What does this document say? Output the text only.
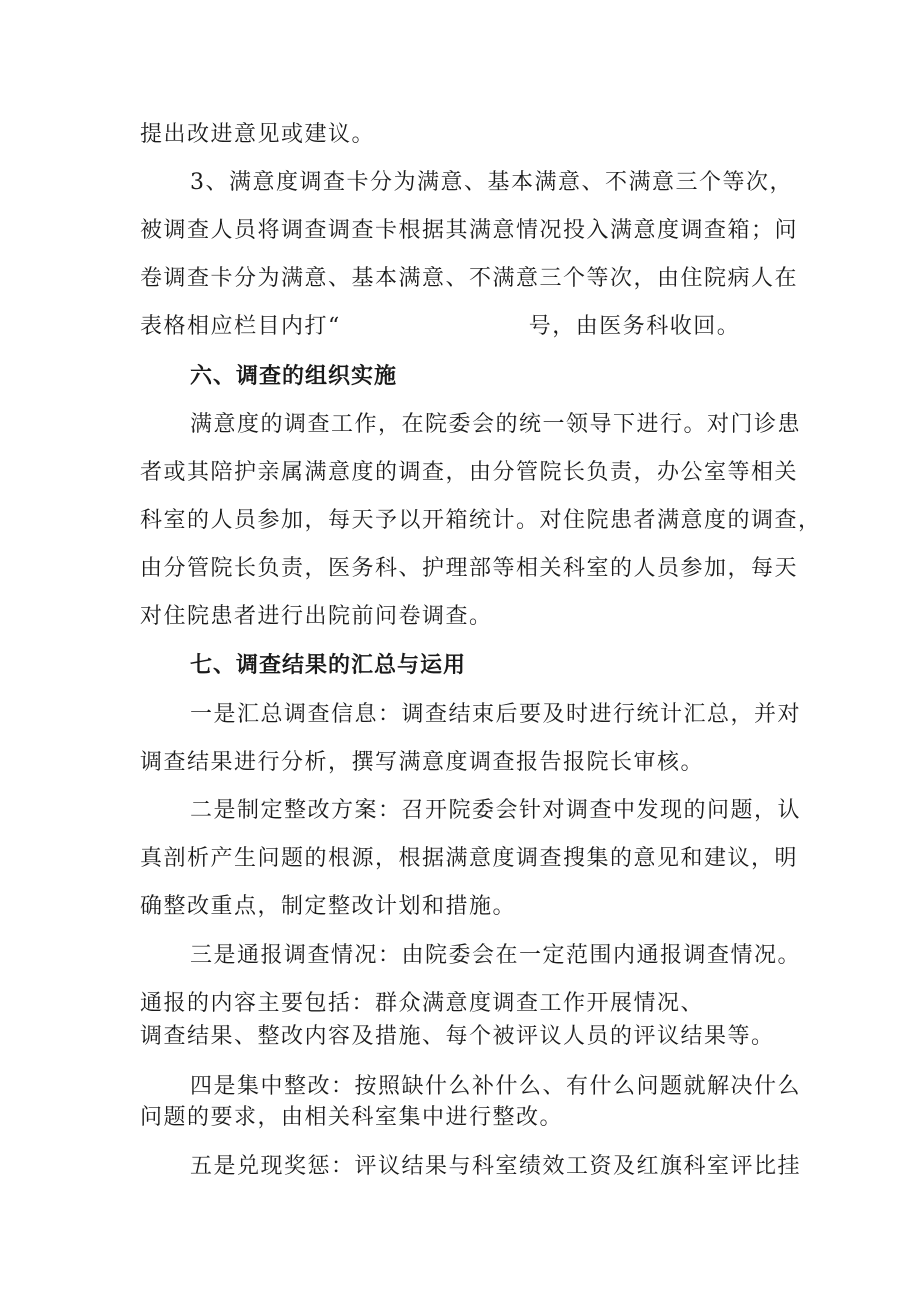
提出改进意见或建议。
3、满意度调查卡分为满意、基本满意、不满意三个等次，
被调查人员将调查调查卡根据其满意情况投入满意度调查箱；问
卷调查卡分为满意、基本满意、不满意三个等次，由住院病人在
表格相应栏目内打“	号，由医务科收回。
六、调查的组织实施
满意度的调查工作，在院委会的统一领导下进行。对门诊患
者或其陪护亲属满意度的调查，由分管院长负责，办公室等相关
科室的人员参加，每天予以开箱统计。对住院患者满意度的调查，
由分管院长负责，医务科、护理部等相关科室的人员参加，每天
对住院患者进行出院前问卷调查。
七、调查结果的汇总与运用
一是汇总调查信息：调查结束后要及时进行统计汇总，并对
调查结果进行分析，撰写满意度调查报告报院长审核。
二是制定整改方案：召开院委会针对调查中发现的问题，认
真剖析产生问题的根源，根据满意度调查搜集的意见和建议，明
确整改重点，制定整改计划和措施。
三是通报调查情况：由院委会在一定范围内通报调查情况。
通报的内容主要包括：群众满意度调查工作开展情况、
调查结果、整改内容及措施、每个被评议人员的评议结果等。
四是集中整改：按照缺什么补什么、有什么问题就解决什么
问题的要求，由相关科室集中进行整改。
五是兑现奖惩：评议结果与科室绩效工资及红旗科室评比挂
